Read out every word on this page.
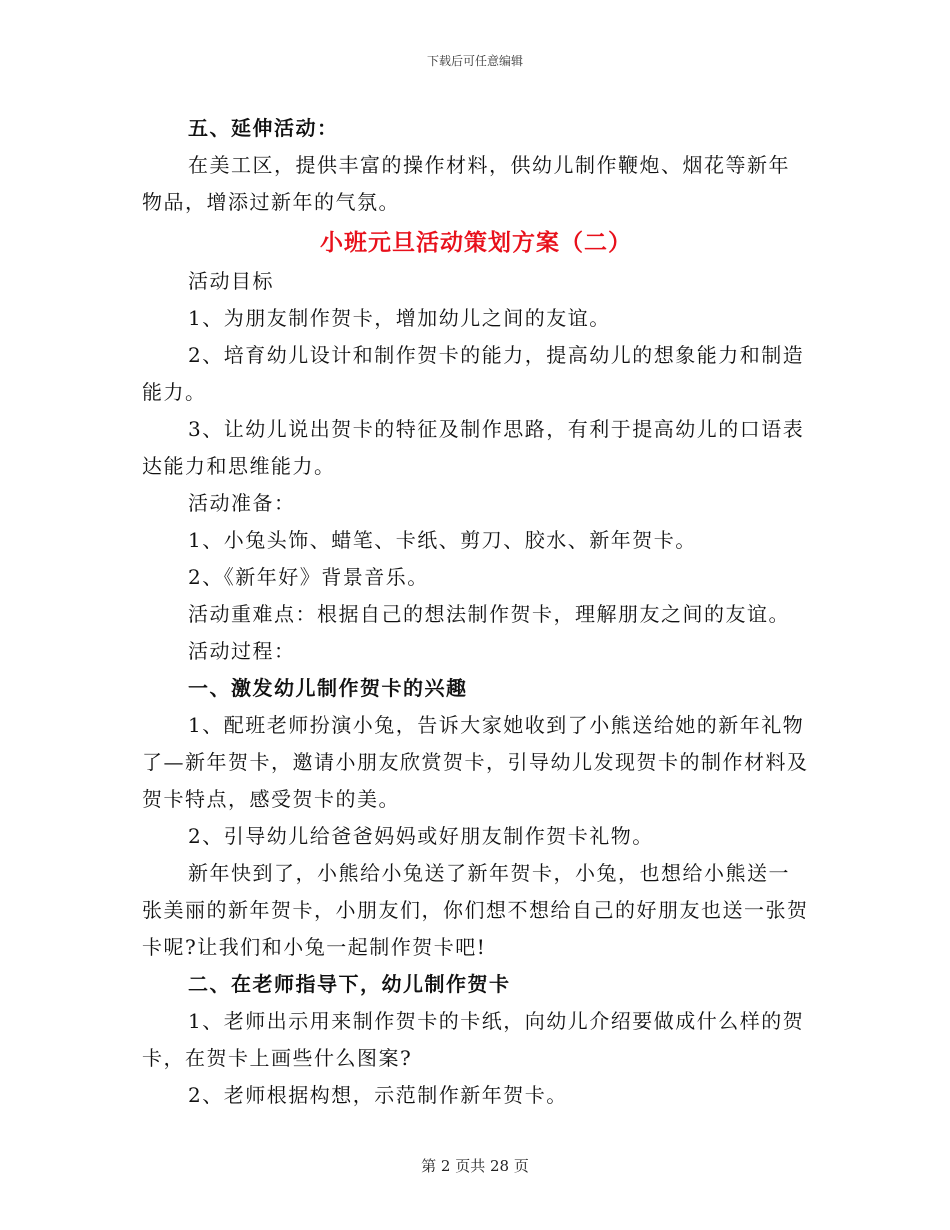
下载后可任意编辑

五、延伸活动：

在美工区，提供丰富的操作材料，供幼儿制作鞭炮、烟花等新年物品，增添过新年的气氛。

小班元旦活动策划方案（二）

活动目标

1、为朋友制作贺卡，增加幼儿之间的友谊。

2、培育幼儿设计和制作贺卡的能力，提高幼儿的想象能力和制造能力。

3、让幼儿说出贺卡的特征及制作思路，有利于提高幼儿的口语表达能力和思维能力。

活动准备：

1、小兔头饰、蜡笔、卡纸、剪刀、胶水、新年贺卡。

2、《新年好》背景音乐。

活动重难点：根据自己的想法制作贺卡，理解朋友之间的友谊。

活动过程：

一、激发幼儿制作贺卡的兴趣

1、配班老师扮演小兔，告诉大家她收到了小熊送给她的新年礼物了—新年贺卡，邀请小朋友欣赏贺卡，引导幼儿发现贺卡的制作材料及贺卡特点，感受贺卡的美。

2、引导幼儿给爸爸妈妈或好朋友制作贺卡礼物。

新年快到了，小熊给小兔送了新年贺卡，小兔，也想给小熊送一张美丽的新年贺卡，小朋友们，你们想不想给自己的好朋友也送一张贺卡呢?让我们和小兔一起制作贺卡吧!

二、在老师指导下，幼儿制作贺卡

1、老师出示用来制作贺卡的卡纸，向幼儿介绍要做成什么样的贺卡，在贺卡上画些什么图案?

2、老师根据构想，示范制作新年贺卡。

第 2 页共 28 页
